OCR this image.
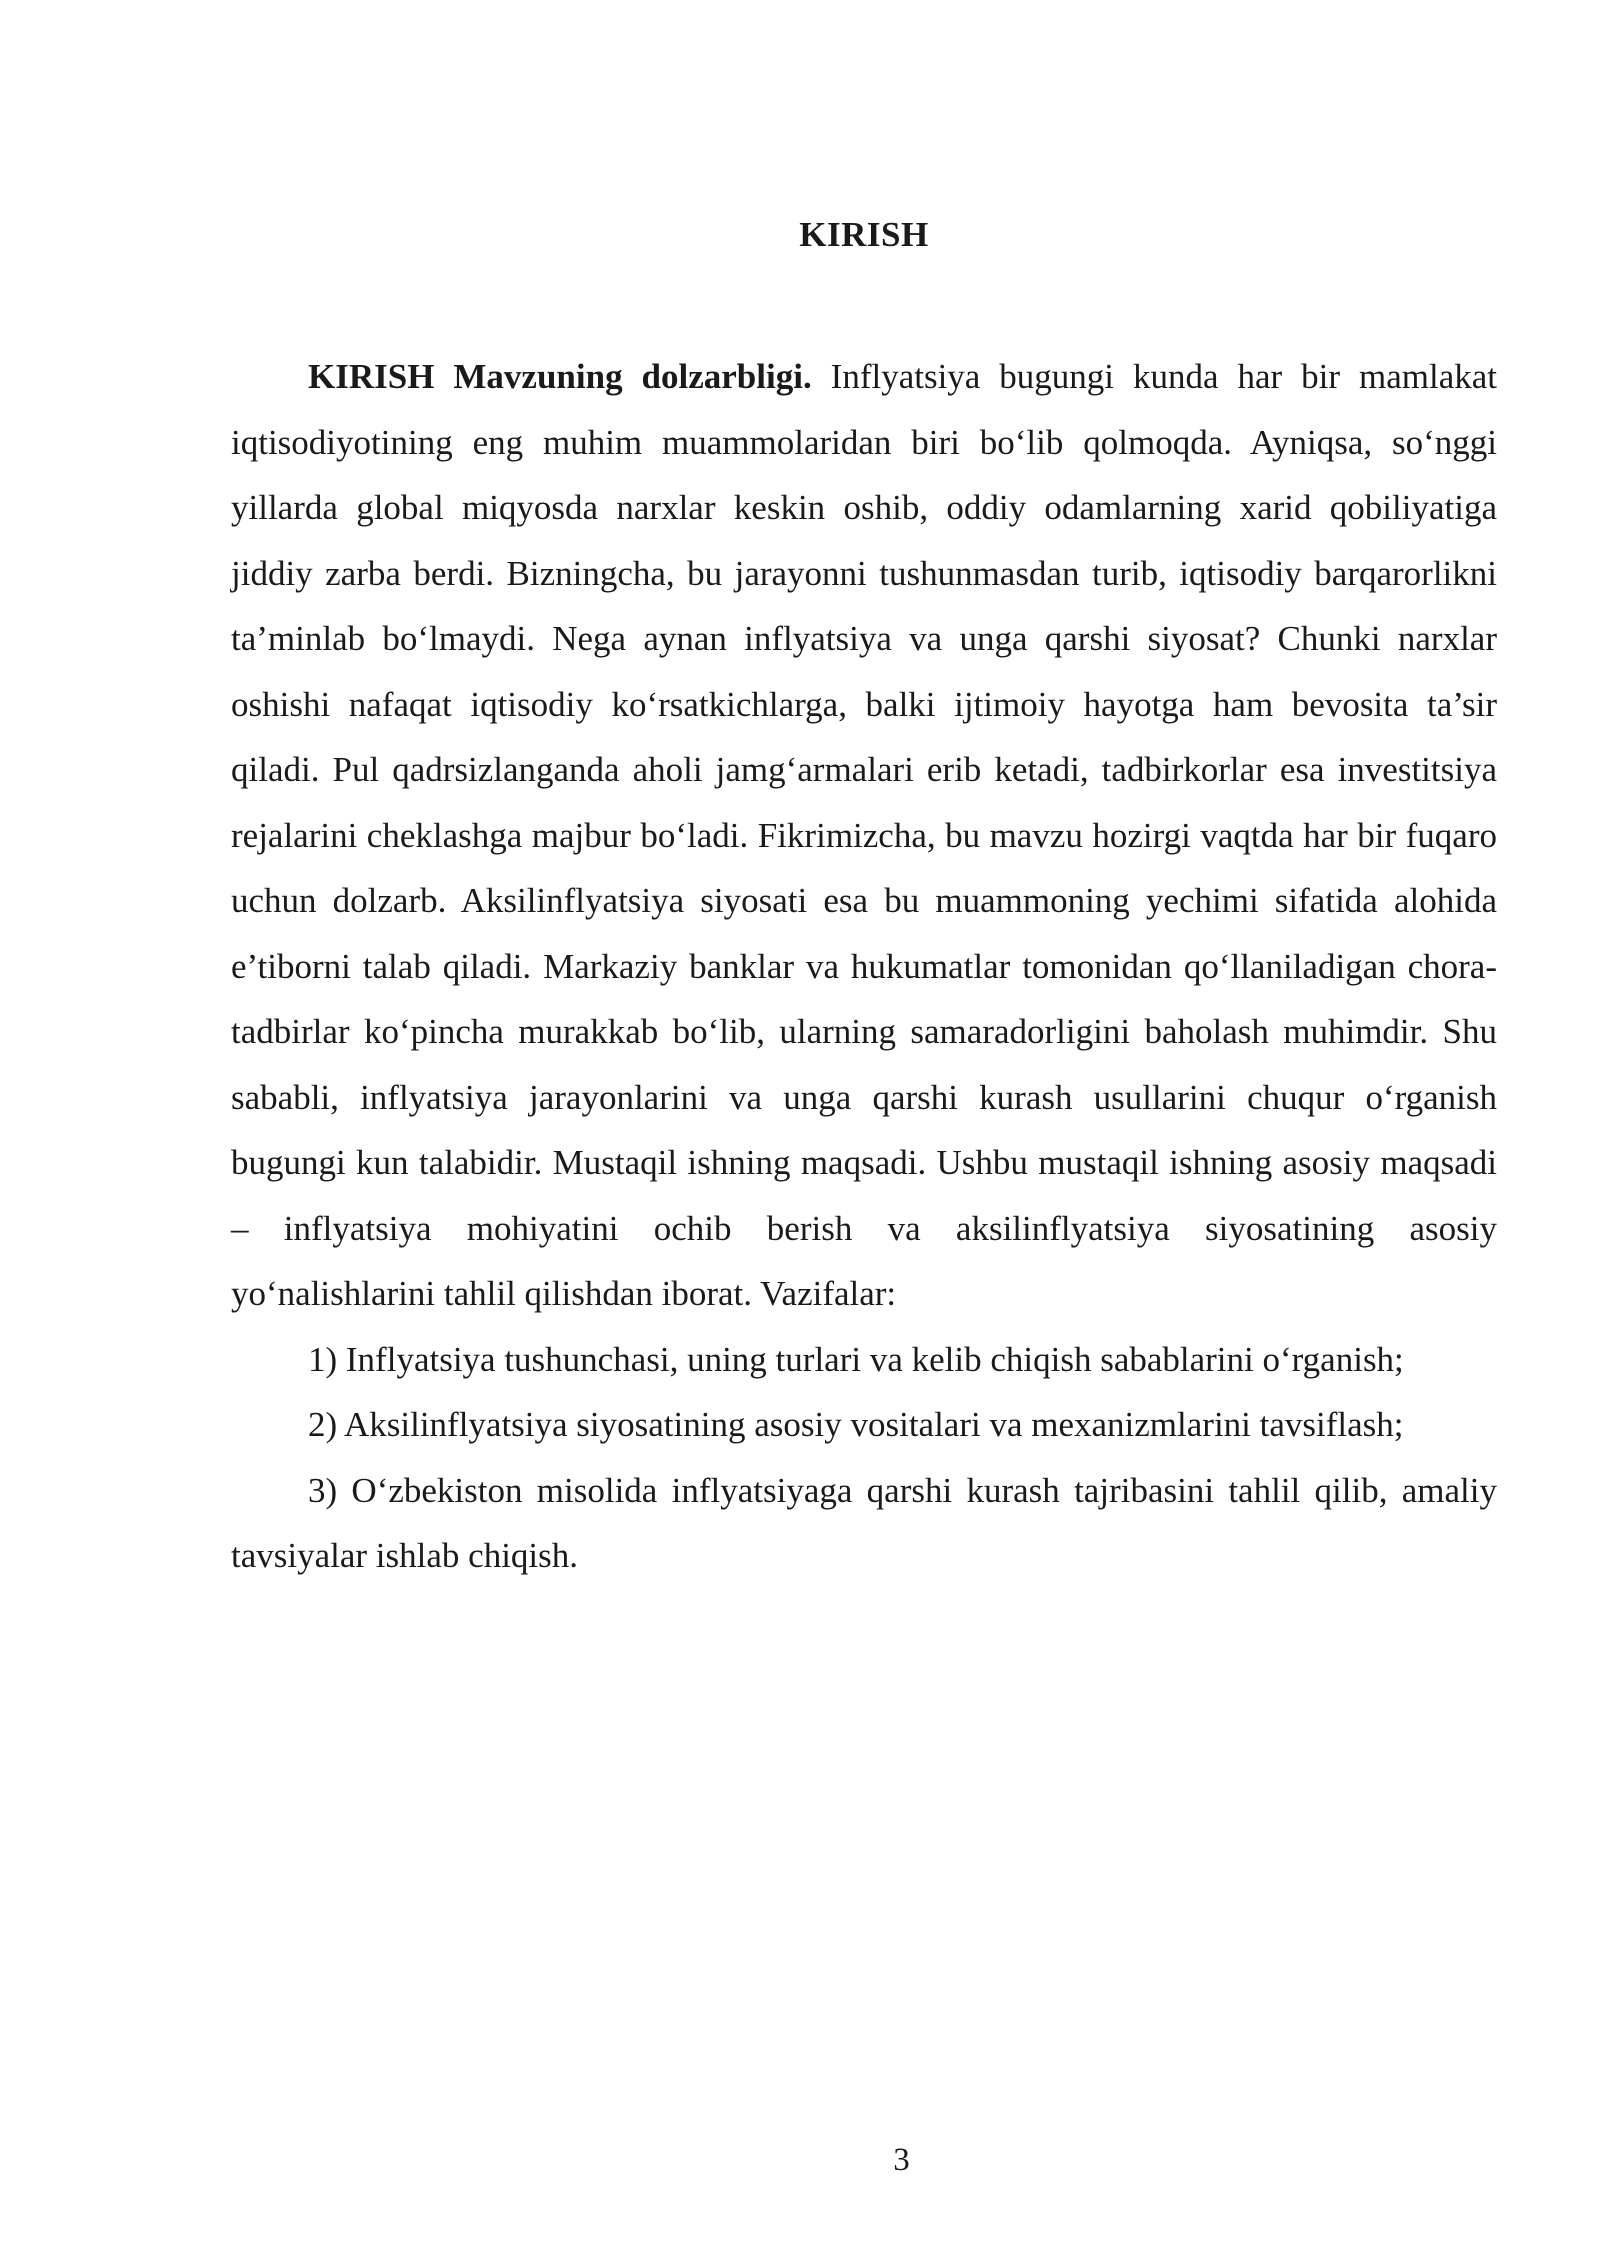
KIRISH

KIRISH Mavzuning dolzarbligi. Inflyatsiya bugungi kunda har bir mamlakat iqtisodiyotining eng muhim muammolaridan biri bo‘lib qolmoqda. Ayniqsa, so‘nggi yillarda global miqyosda narxlar keskin oshib, oddiy odamlarning xarid qobiliyatiga jiddiy zarba berdi. Bizningcha, bu jarayonni tushunmasdan turib, iqtisodiy barqarorlikni ta’minlab bo‘lmaydi. Nega aynan inflyatsiya va unga qarshi siyosat? Chunki narxlar oshishi nafaqat iqtisodiy ko‘rsatkichlarga, balki ijtimoiy hayotga ham bevosita ta’sir qiladi. Pul qadrsizlanganda aholi jamg‘armalari erib ketadi, tadbirkorlar esa investitsiya rejalarini cheklashga majbur bo‘ladi. Fikrimizcha, bu mavzu hozirgi vaqtda har bir fuqaro uchun dolzarb. Aksilinflyatsiya siyosati esa bu muammoning yechimi sifatida alohida e’tiborni talab qiladi. Markaziy banklar va hukumatlar tomonidan qo‘llaniladigan chora-tadbirlar ko‘pincha murakkab bo‘lib, ularning samaradorligini baholash muhimdir. Shu sababli, inflyatsiya jarayonlarini va unga qarshi kurash usullarini chuqur o‘rganish bugungi kun talabidir. Mustaqil ishning maqsadi. Ushbu mustaqil ishning asosiy maqsadi – inflyatsiya mohiyatini ochib berish va aksilinflyatsiya siyosatining asosiy yo‘nalishlarini tahlil qilishdan iborat. Vazifalar:

1) Inflyatsiya tushunchasi, uning turlari va kelib chiqish sabablarini o‘rganish;

2) Aksilinflyatsiya siyosatining asosiy vositalari va mexanizmlarini tavsiflash;

3) O‘zbekiston misolida inflyatsiyaga qarshi kurash tajribasini tahlil qilib, amaliy tavsiyalar ishlab chiqish.

3
